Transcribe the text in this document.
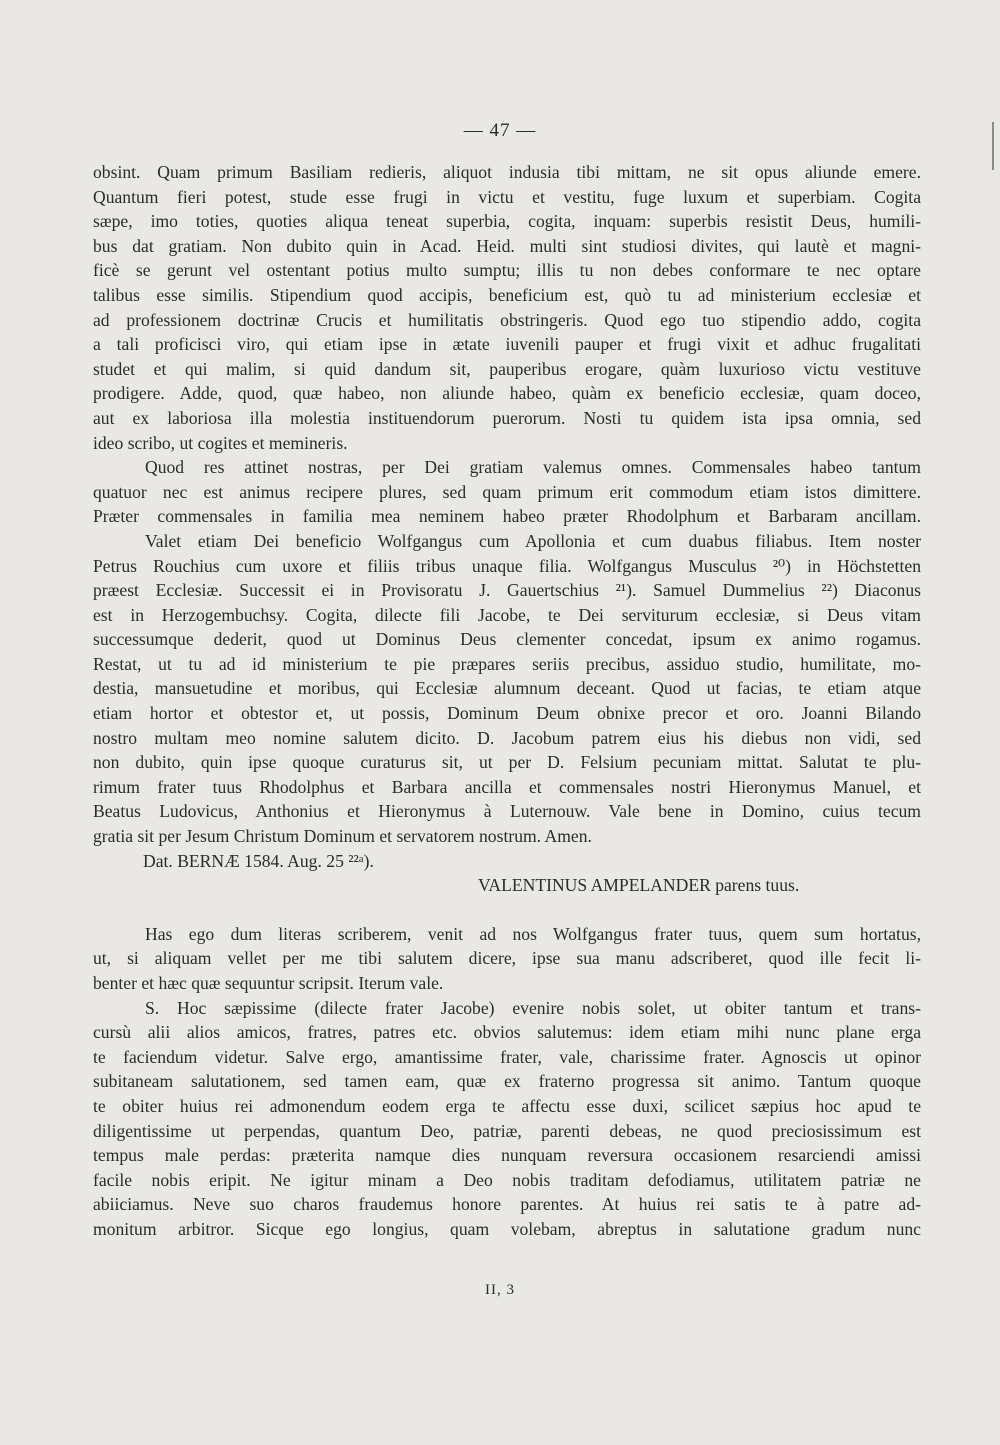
— 47 —
obsint. Quam primum Basiliam redieris, aliquot indusia tibi mittam, ne sit opus aliunde emere.
Quantum fieri potest, stude esse frugi in victu et vestitu, fuge luxum et superbiam. Cogita
sæpe, imo toties, quoties aliqua teneat superbia, cogita, inquam: superbis resistit Deus, humili-
bus dat gratiam. Non dubito quin in Acad. Heid. multi sint studiosi divites, qui lautè et magni-
ficè se gerunt vel ostentant potius multo sumptu; illis tu non debes conformare te nec optare
talibus esse similis. Stipendium quod accipis, beneficium est, quò tu ad ministerium ecclesiæ et
ad professionem doctrinæ Crucis et humilitatis obstringeris. Quod ego tuo stipendio addo, cogita
a tali proficisci viro, qui etiam ipse in ætate iuvenili pauper et frugi vixit et adhuc frugalitati
studet et qui malim, si quid dandum sit, pauperibus erogare, quàm luxurioso victu vestituve
prodigere. Adde, quod, quæ habeo, non aliunde habeo, quàm ex beneficio ecclesiæ, quam doceo,
aut ex laboriosa illa molestia instituendorum puerorum. Nosti tu quidem ista ipsa omnia, sed
ideo scribo, ut cogites et memineris.
Quod res attinet nostras, per Dei gratiam valemus omnes. Commensales habeo tantum
quatuor nec est animus recipere plures, sed quam primum erit commodum etiam istos dimittere.
Præter commensales in familia mea neminem habeo præter Rhodolphum et Barbaram ancillam.
Valet etiam Dei beneficio Wolfgangus cum Apollonia et cum duabus filiabus. Item noster
Petrus Rouchius cum uxore et filiis tribus unaque filia. Wolfgangus Musculus ²⁰) in Höchstetten
præest Ecclesiæ. Successit ei in Provisoratu J. Gauertschius ²¹). Samuel Dummelius ²²) Diaconus
est in Herzogembuchsy. Cogita, dilecte fili Jacobe, te Dei serviturum ecclesiæ, si Deus vitam
successumque dederit, quod ut Dominus Deus clementer concedat, ipsum ex animo rogamus.
Restat, ut tu ad id ministerium te pie præpares seriis precibus, assiduo studio, humilitate, mo-
destia, mansuetudine et moribus, qui Ecclesiæ alumnum deceant. Quod ut facias, te etiam atque
etiam hortor et obtestor et, ut possis, Dominum Deum obnixe precor et oro. Joanni Bilando
nostro multam meo nomine salutem dicito. D. Jacobum patrem eius his diebus non vidi, sed
non dubito, quin ipse quoque curaturus sit, ut per D. Felsium pecuniam mittat. Salutat te plu-
rimum frater tuus Rhodolphus et Barbara ancilla et commensales nostri Hieronymus Manuel, et
Beatus Ludovicus, Anthonius et Hieronymus à Luternouw. Vale bene in Domino, cuius tecum
gratia sit per Jesum Christum Dominum et servatorem nostrum. Amen.
Dat. BERNÆ 1584. Aug. 25 ²²ᵃ).
VALENTINUS AMPELANDER parens tuus.
Has ego dum literas scriberem, venit ad nos Wolfgangus frater tuus, quem sum hortatus,
ut, si aliquam vellet per me tibi salutem dicere, ipse sua manu adscriberet, quod ille fecit li-
benter et hæc quæ sequuntur scripsit. Iterum vale.
S. Hoc sæpissime (dilecte frater Jacobe) evenire nobis solet, ut obiter tantum et trans-
cursù alii alios amicos, fratres, patres etc. obvios salutemus: idem etiam mihi nunc plane erga
te faciendum videtur. Salve ergo, amantissime frater, vale, charissime frater. Agnoscis ut opinor
subitaneam salutationem, sed tamen eam, quæ ex fraterno progressa sit animo. Tantum quoque
te obiter huius rei admonendum eodem erga te affectu esse duxi, scilicet sæpius hoc apud te
diligentissime ut perpendas, quantum Deo, patriæ, parenti debeas, ne quod preciosissimum est
tempus male perdas: præterita namque dies nunquam reversura occasionem resarciendi amissi
facile nobis eripit. Ne igitur minam a Deo nobis traditam defodiamus, utilitatem patriæ ne
abiiciamus. Neve suo charos fraudemus honore parentes. At huius rei satis te à patre ad-
monitum arbitror. Sicque ego longius, quam volebam, abreptus in salutatione gradum nunc
II, 3
